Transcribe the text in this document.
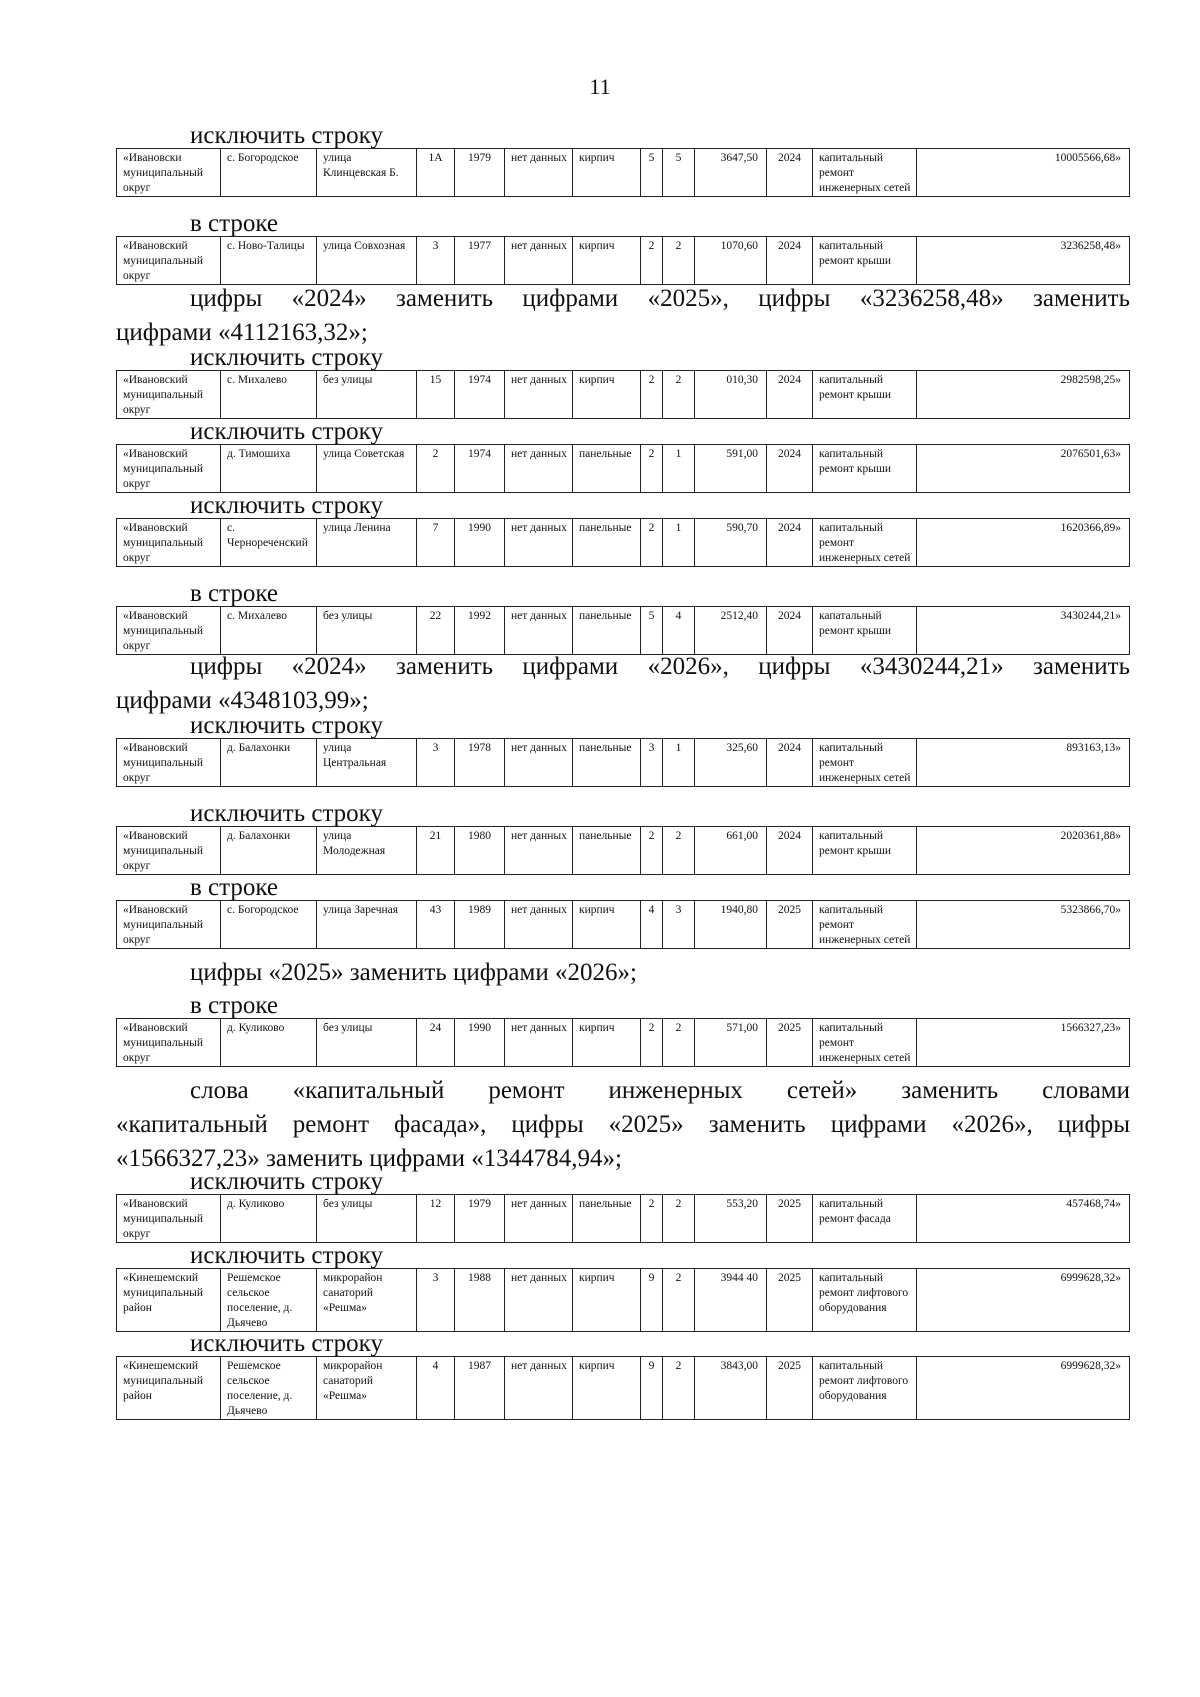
11
исключить строку
«Ивановски муниципальный округ	с. Богородское	улица Клинцевская Б.	1А	1979	нет данных	кирпич	5	5	3647,50	2024	капитальный ремонт инженерных сетей	10005566,68»
в строке
«Ивановский муниципальный округ	с. Ново-Талицы	улица Совхозная	3	1977	нет данных	кирпич	2	2	1070,60	2024	капитальный ремонт крыши	3236258,48»
цифры «2024» заменить цифрами «2025», цифры «3236258,48» заменить
цифрами «4112163,32»;
исключить строку
«Ивановский муниципальный округ	с. Михалево	без улицы	15	1974	нет данных	кирпич	2	2	010,30	2024	капитальный ремонт крыши	2982598,25»
исключить строку
«Ивановский муниципальный округ	д. Тимошиха	улица Советская	2	1974	нет данных	панельные	2	1	591,00	2024	капитальный ремонт крыши	2076501,63»
исключить строку
«Ивановский муниципальный округ	с. Чернореченский	улица Ленина	7	1990	нет данных	панельные	2	1	590,70	2024	капитальный ремонт инженерных сетей	1620366,89»
в строке
«Ивановский муниципальный округ	с. Михалево	без улицы	22	1992	нет данных	панельные	5	4	2512,40	2024	капатальный ремонт крыши	3430244,21»
цифры «2024» заменить цифрами «2026», цифры «3430244,21» заменить
цифрами «4348103,99»;
исключить строку
«Ивановский муниципальный округ	д. Балахонки	улица Центральная	3	1978	нет данных	панельные	3	1	325,60	2024	капитальный ремонт инженерных сетей	893163,13»
исключить строку
«Ивановский муниципальный округ	д. Балахонки	улица Молодежная	21	1980	нет данных	панельные	2	2	661,00	2024	капитальный ремонт крыши	2020361,88»
в строке
«Ивановский муниципальный округ	с. Богородское	улица Заречная	43	1989	нет данных	кирпич	4	3	1940,80	2025	капитальный ремонт инженерных сетей	5323866,70»
цифры «2025» заменить цифрами «2026»;
в строке
«Ивановский муниципальный округ	д. Куликово	без улицы	24	1990	нет данных	кирпич	2	2	571,00	2025	капитальный ремонт инженерных сетей	1566327,23»
слова «капитальный ремонт инженерных сетей» заменить словами
«капитальный ремонт фасада», цифры «2025» заменить цифрами «2026», цифры
«1566327,23» заменить цифрами «1344784,94»;
исключить строку
«Ивановский муниципальный округ	д. Куликово	без улицы	12	1979	нет данных	панельные	2	2	553,20	2025	капитальный ремонт фасада	457468,74»
исключить строку
«Кинешемский муниципальный район	Решемское сельское поселение, д. Дьячево	микрорайон санаторий «Решма»	3	1988	нет данных	кирпич	9	2	3944 40	2025	капитальный ремонт лифтового оборудования	6999628,32»
исключить строку
«Кинешемский муниципальный район	Решемское сельское поселение, д. Дьячево	микрорайон санаторий «Решма»	4	1987	нет данных	кирпич	9	2	3843,00	2025	капитальный ремонт лифтового оборудования	6999628,32»
